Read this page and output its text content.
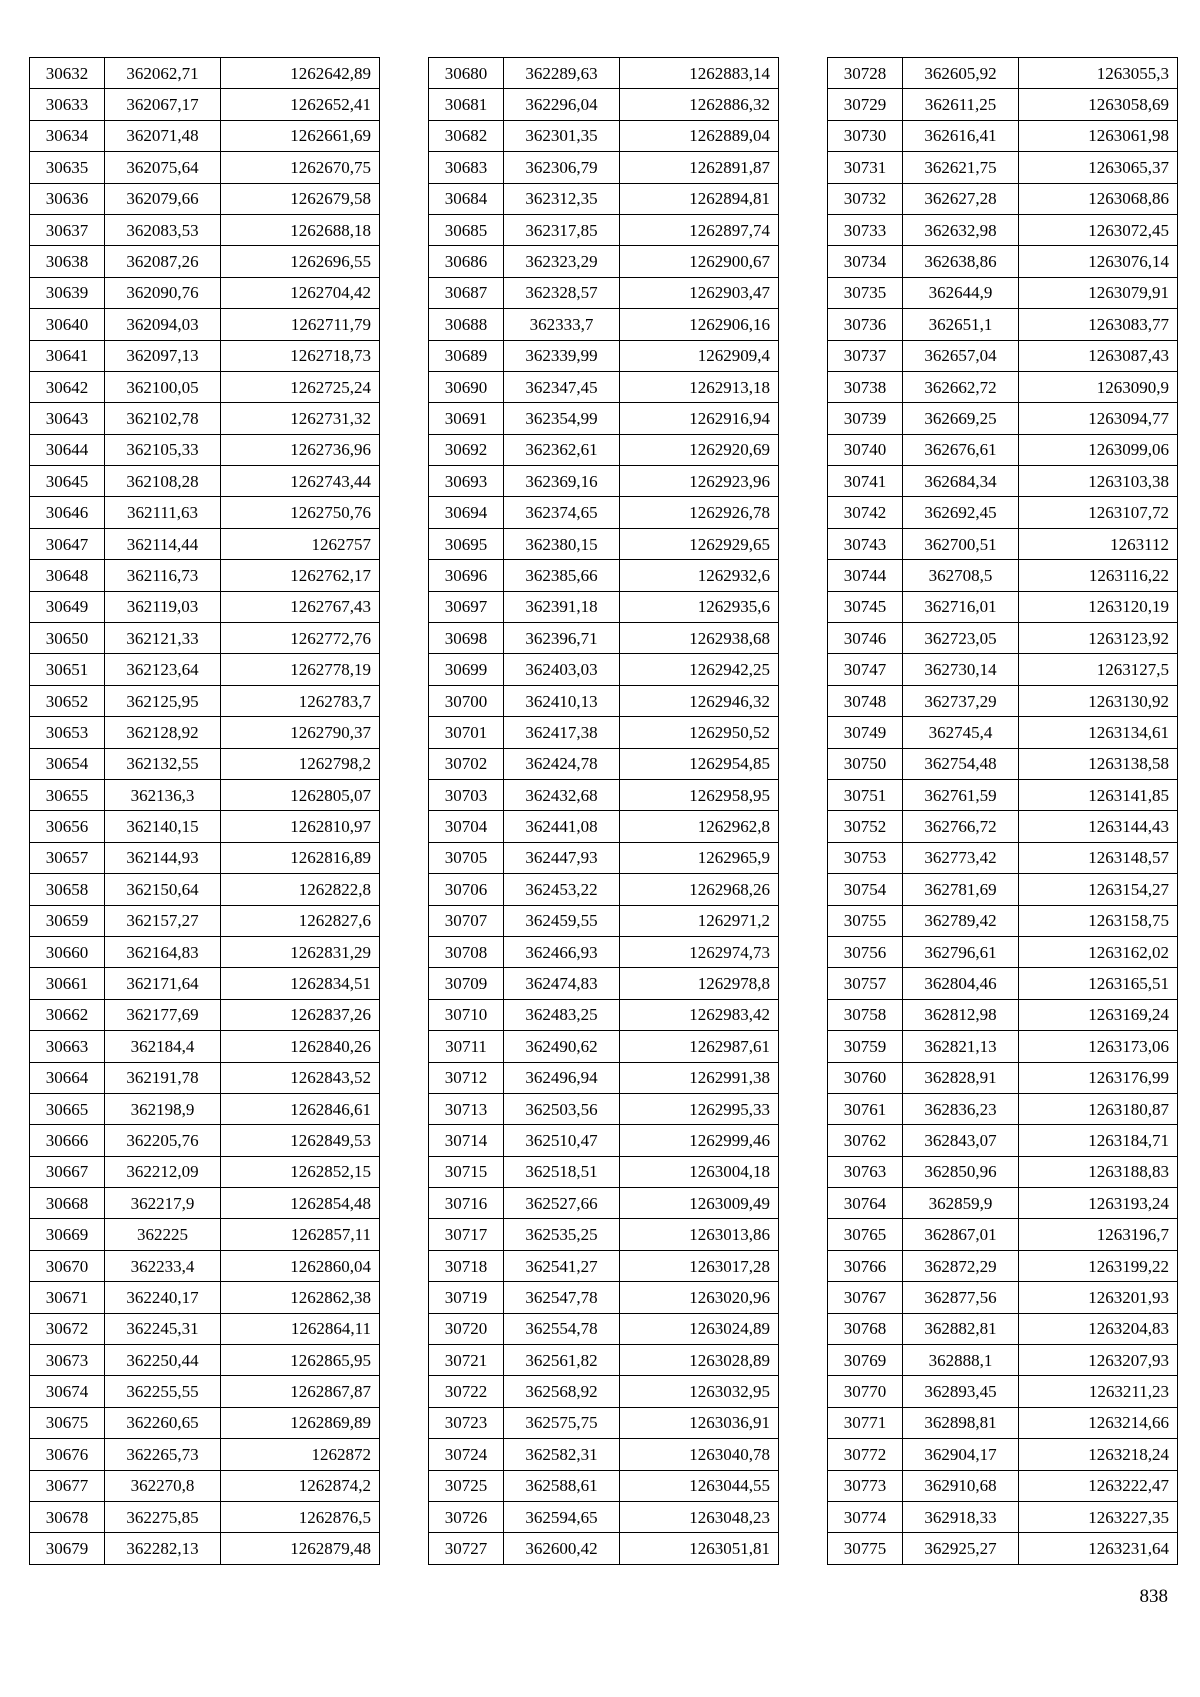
30632	362062,71	1262642,89
30633	362067,17	1262652,41
30634	362071,48	1262661,69
30635	362075,64	1262670,75
30636	362079,66	1262679,58
30637	362083,53	1262688,18
30638	362087,26	1262696,55
30639	362090,76	1262704,42
30640	362094,03	1262711,79
30641	362097,13	1262718,73
30642	362100,05	1262725,24
30643	362102,78	1262731,32
30644	362105,33	1262736,96
30645	362108,28	1262743,44
30646	362111,63	1262750,76
30647	362114,44	1262757
30648	362116,73	1262762,17
30649	362119,03	1262767,43
30650	362121,33	1262772,76
30651	362123,64	1262778,19
30652	362125,95	1262783,7
30653	362128,92	1262790,37
30654	362132,55	1262798,2
30655	362136,3	1262805,07
30656	362140,15	1262810,97
30657	362144,93	1262816,89
30658	362150,64	1262822,8
30659	362157,27	1262827,6
30660	362164,83	1262831,29
30661	362171,64	1262834,51
30662	362177,69	1262837,26
30663	362184,4	1262840,26
30664	362191,78	1262843,52
30665	362198,9	1262846,61
30666	362205,76	1262849,53
30667	362212,09	1262852,15
30668	362217,9	1262854,48
30669	362225	1262857,11
30670	362233,4	1262860,04
30671	362240,17	1262862,38
30672	362245,31	1262864,11
30673	362250,44	1262865,95
30674	362255,55	1262867,87
30675	362260,65	1262869,89
30676	362265,73	1262872
30677	362270,8	1262874,2
30678	362275,85	1262876,5
30679	362282,13	1262879,48
30680	362289,63	1262883,14
30681	362296,04	1262886,32
30682	362301,35	1262889,04
30683	362306,79	1262891,87
30684	362312,35	1262894,81
30685	362317,85	1262897,74
30686	362323,29	1262900,67
30687	362328,57	1262903,47
30688	362333,7	1262906,16
30689	362339,99	1262909,4
30690	362347,45	1262913,18
30691	362354,99	1262916,94
30692	362362,61	1262920,69
30693	362369,16	1262923,96
30694	362374,65	1262926,78
30695	362380,15	1262929,65
30696	362385,66	1262932,6
30697	362391,18	1262935,6
30698	362396,71	1262938,68
30699	362403,03	1262942,25
30700	362410,13	1262946,32
30701	362417,38	1262950,52
30702	362424,78	1262954,85
30703	362432,68	1262958,95
30704	362441,08	1262962,8
30705	362447,93	1262965,9
30706	362453,22	1262968,26
30707	362459,55	1262971,2
30708	362466,93	1262974,73
30709	362474,83	1262978,8
30710	362483,25	1262983,42
30711	362490,62	1262987,61
30712	362496,94	1262991,38
30713	362503,56	1262995,33
30714	362510,47	1262999,46
30715	362518,51	1263004,18
30716	362527,66	1263009,49
30717	362535,25	1263013,86
30718	362541,27	1263017,28
30719	362547,78	1263020,96
30720	362554,78	1263024,89
30721	362561,82	1263028,89
30722	362568,92	1263032,95
30723	362575,75	1263036,91
30724	362582,31	1263040,78
30725	362588,61	1263044,55
30726	362594,65	1263048,23
30727	362600,42	1263051,81
30728	362605,92	1263055,3
30729	362611,25	1263058,69
30730	362616,41	1263061,98
30731	362621,75	1263065,37
30732	362627,28	1263068,86
30733	362632,98	1263072,45
30734	362638,86	1263076,14
30735	362644,9	1263079,91
30736	362651,1	1263083,77
30737	362657,04	1263087,43
30738	362662,72	1263090,9
30739	362669,25	1263094,77
30740	362676,61	1263099,06
30741	362684,34	1263103,38
30742	362692,45	1263107,72
30743	362700,51	1263112
30744	362708,5	1263116,22
30745	362716,01	1263120,19
30746	362723,05	1263123,92
30747	362730,14	1263127,5
30748	362737,29	1263130,92
30749	362745,4	1263134,61
30750	362754,48	1263138,58
30751	362761,59	1263141,85
30752	362766,72	1263144,43
30753	362773,42	1263148,57
30754	362781,69	1263154,27
30755	362789,42	1263158,75
30756	362796,61	1263162,02
30757	362804,46	1263165,51
30758	362812,98	1263169,24
30759	362821,13	1263173,06
30760	362828,91	1263176,99
30761	362836,23	1263180,87
30762	362843,07	1263184,71
30763	362850,96	1263188,83
30764	362859,9	1263193,24
30765	362867,01	1263196,7
30766	362872,29	1263199,22
30767	362877,56	1263201,93
30768	362882,81	1263204,83
30769	362888,1	1263207,93
30770	362893,45	1263211,23
30771	362898,81	1263214,66
30772	362904,17	1263218,24
30773	362910,68	1263222,47
30774	362918,33	1263227,35
30775	362925,27	1263231,64
838
